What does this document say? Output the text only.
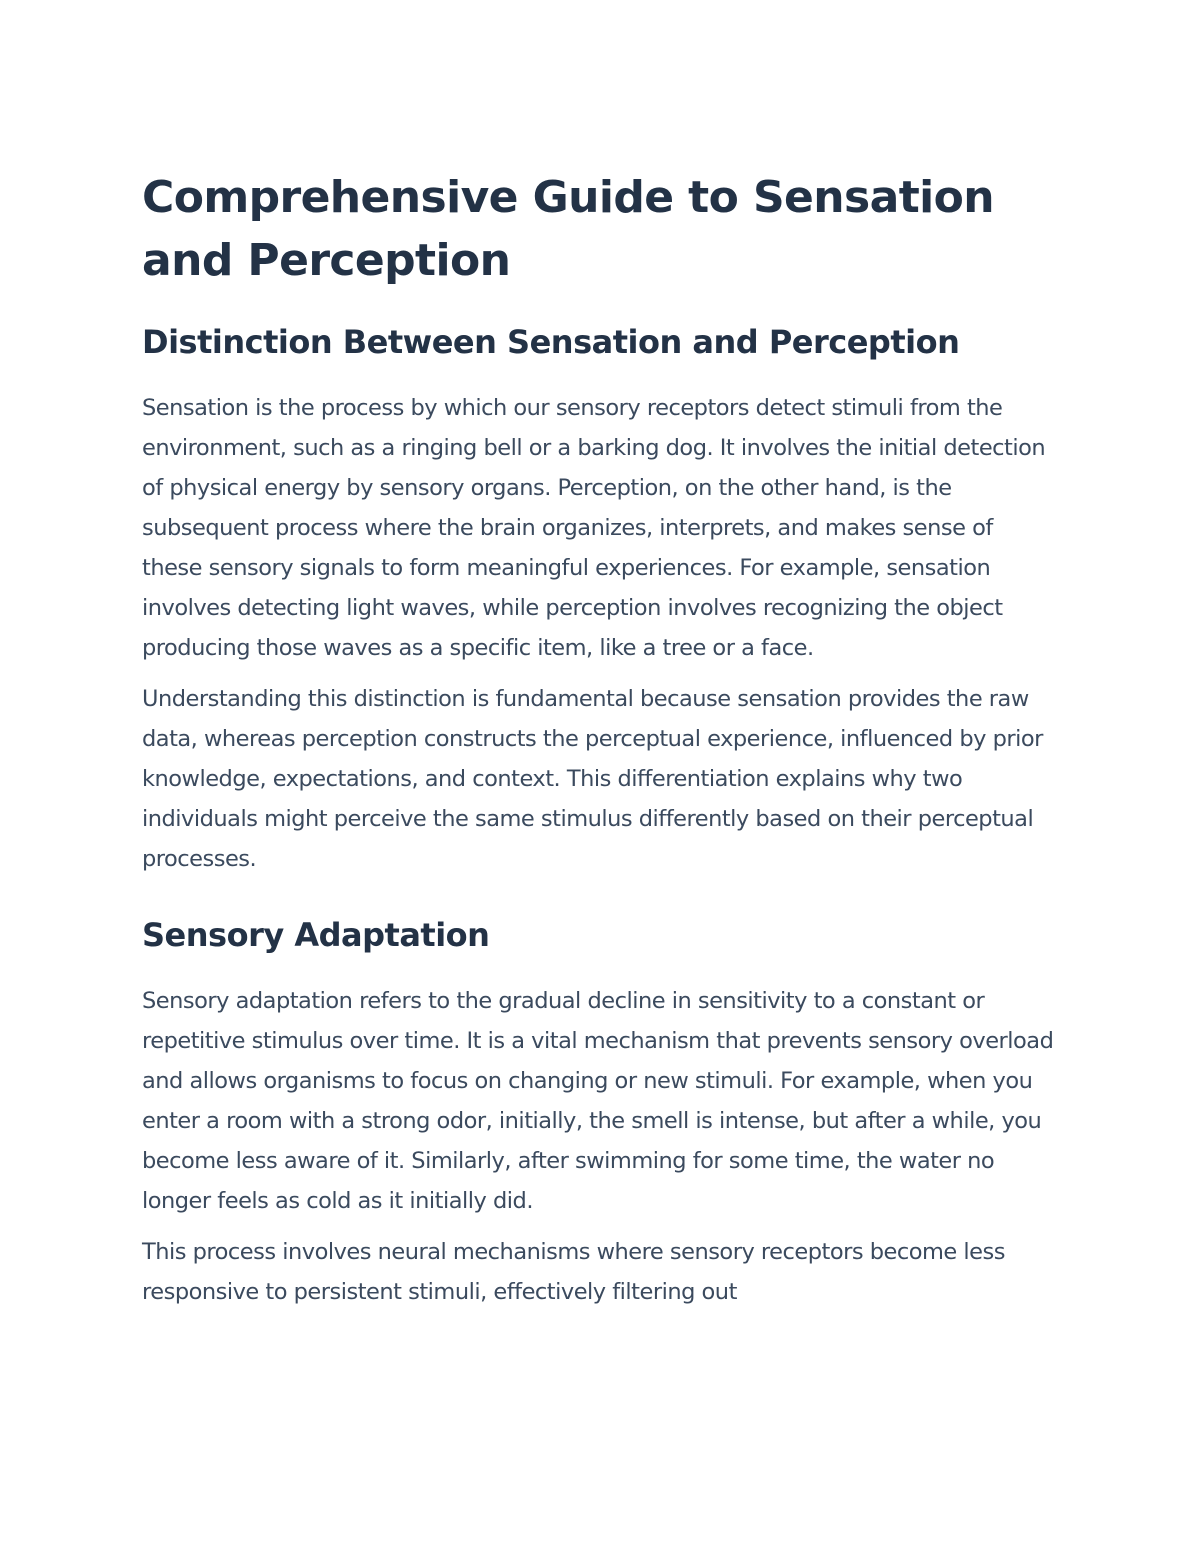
Comprehensive Guide to Sensation and Perception
Distinction Between Sensation and Perception

Sensation is the process by which our sensory receptors detect stimuli from the environment, such as a ringing bell or a barking dog. It involves the initial detection of physical energy by sensory organs. Perception, on the other hand, is the subsequent process where the brain organizes, interprets, and makes sense of these sensory signals to form meaningful experiences. For example, sensation involves detecting light waves, while perception involves recognizing the object producing those waves as a specific item, like a tree or a face.

Understanding this distinction is fundamental because sensation provides the raw data, whereas perception constructs the perceptual experience, influenced by prior knowledge, expectations, and context. This differentiation explains why two individuals might perceive the same stimulus differently based on their perceptual processes.

Sensory Adaptation

Sensory adaptation refers to the gradual decline in sensitivity to a constant or repetitive stimulus over time. It is a vital mechanism that prevents sensory overload and allows organisms to focus on changing or new stimuli. For example, when you enter a room with a strong odor, initially, the smell is intense, but after a while, you become less aware of it. Similarly, after swimming for some time, the water no longer feels as cold as it initially did.

This process involves neural mechanisms where sensory receptors become less responsive to persistent stimuli, effectively filtering out
